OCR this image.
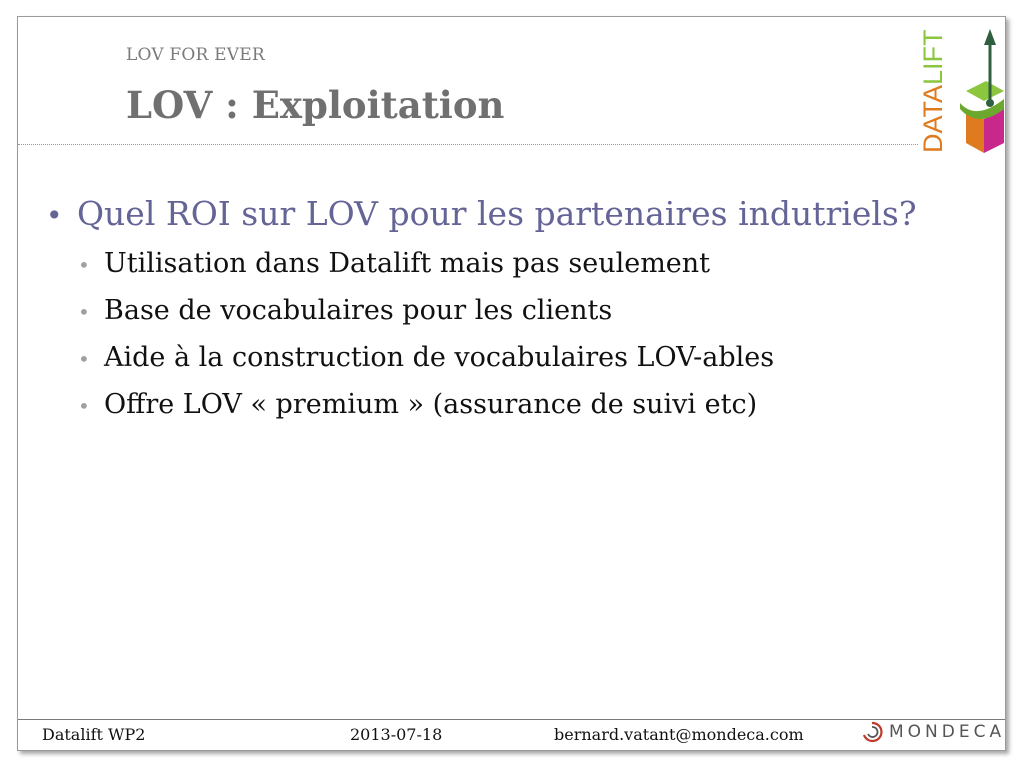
LOV FOR EVER
LOV : Exploitation	DATALIFT
• Quel ROI sur LOV pour les partenaires indutriels?
• Utilisation dans Datalift mais pas seulement
• Base de vocabulaires pour les clients
• Aide à la construction de vocabulaires LOV-ables
• Offre LOV « premium » (assurance de suivi etc)
Datalift WP2	2013-07-18	bernard.vatant@mondeca.com	MONDECA
